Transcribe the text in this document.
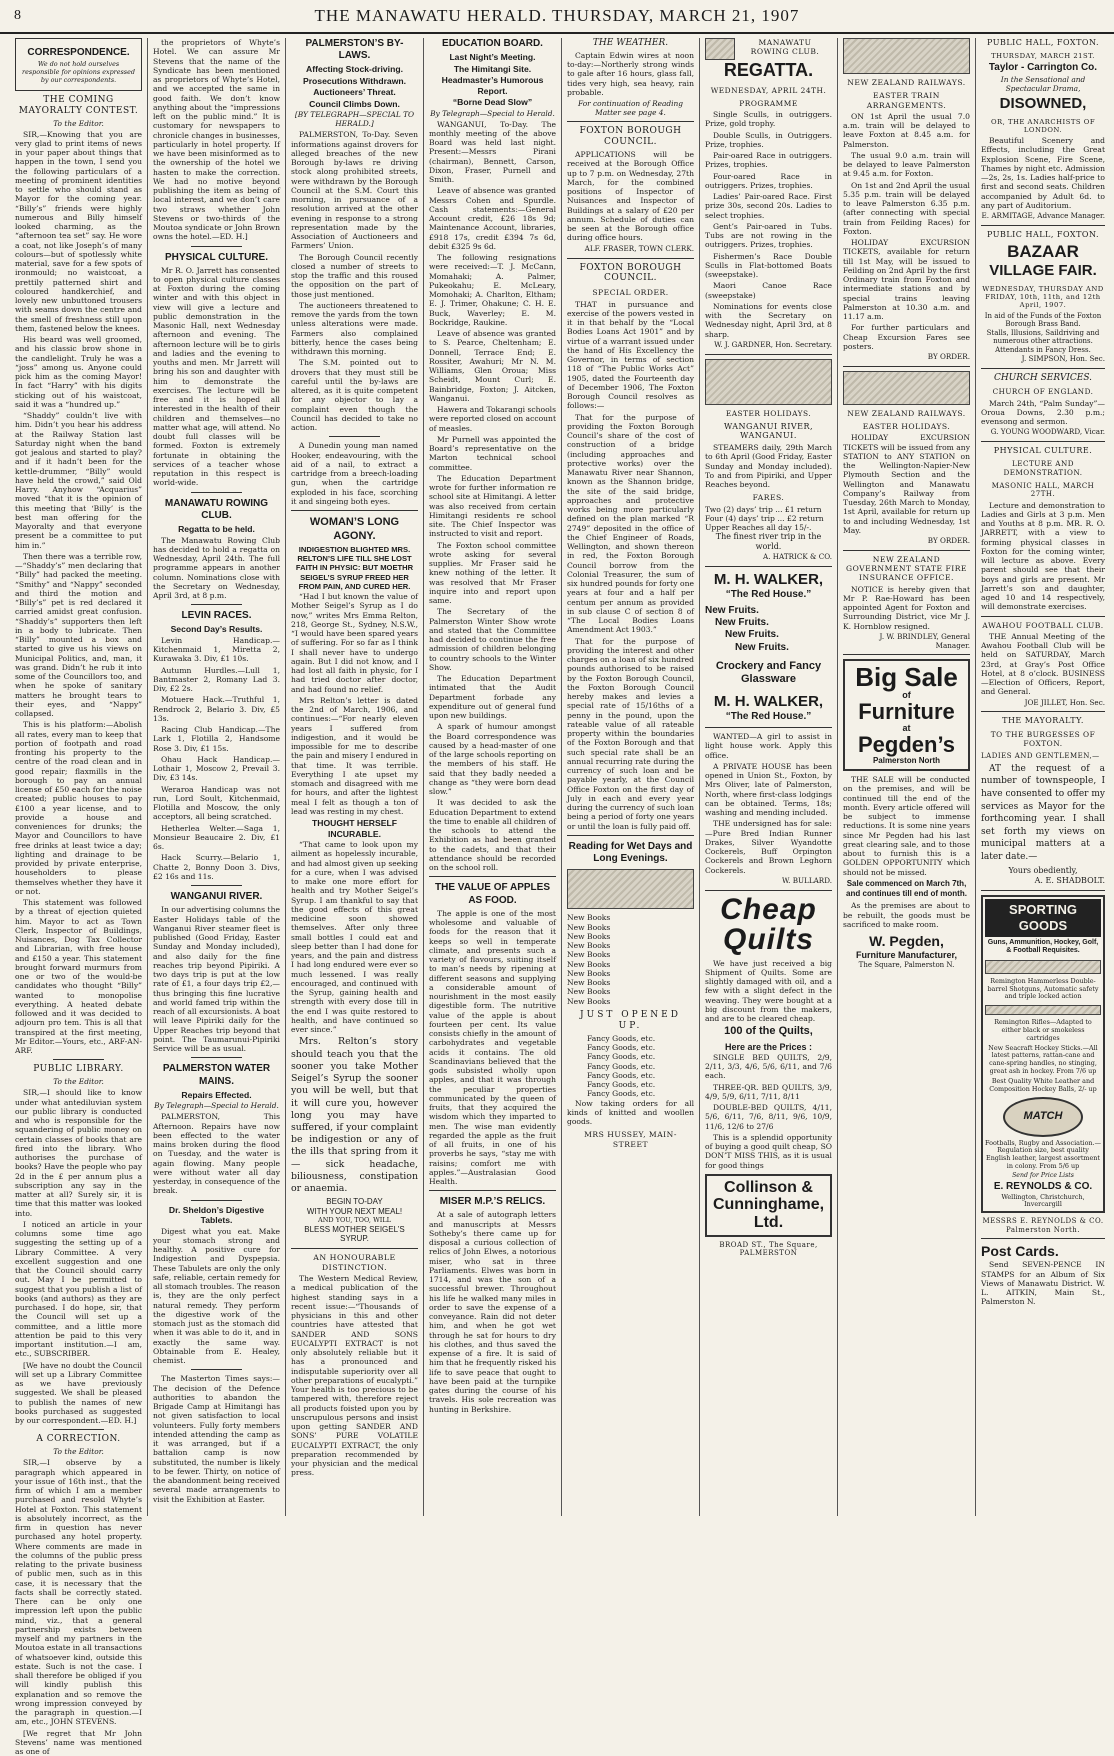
8	THE MANAWATU HERALD. THURSDAY, MARCH 21, 1907
CORRESPONDENCE.
We do not hold ourselves responsible for opinions expressed by our correspondents.
THE COMING MAYORALTY CONTEST.
To the Editor.

SIR,—Knowing that you are very glad to print items of news in your paper about things that happen in the town, I send you the following particulars of a meeting of prominent identities to settle who should stand as Mayor for the coming year. “Billy’s” friends were highly numerous and Billy himself looked charming, as the “afternoon tea set” say. He wore a coat, not like Joseph’s of many colours—but of spotlessly white material, save for a few spots of ironmould; no waistcoat, a prettily patterned shirt and coloured handkerchief, and lovely new unbuttoned trousers with seams down the centre and the smell of freshness still upon them, fastened below the knees.

His beard was well groomed, and his classic brow shone in the candlelight. Truly he was a “joss” among us. Anyone could pick him as the coming Mayor! In fact “Harry” with his digits sticking out of his waistcoat, said it was a “hundred up.”

“Shaddy” couldn’t live with him. Didn’t you hear his address at the Railway Station last Saturday night when the band got jealous and started to play? and if it hadn’t been for the kettle-drummer, “Billy” would have held the crowd,” said Old Harry. Anyhow “Acquarius” moved “that it is the opinion of this meeting that ‘Billy’ is the best man offering for the Mayoralty and that everyone present be a committee to put him in.”

Then there was a terrible row,—“Shaddy’s” men declaring that “Billy” had packed the meeting. “Smithy” and “Nappy” seconded and third the motion and “Billy’s” pet is red declared it carried amidst great confusion. “Shaddy’s” supporters then left in a body to lubricate. Then “Billy” mounted a box and started to give us his views on Municipal Politics, and, man, it was grand. Didn’t he rub it into some of the Councillors too, and when he spoke of sanitary matters he brought tears to their eyes, and “Nappy” collapsed.

This is his platform:—Abolish all rates, every man to keep that portion of footpath and road fronting his property to the centre of the road clean and in good repair; flaxmills in the borough to pay an annual license of £50 each for the noise created; public houses to pay £100 a year license, and to provide a house and conveniences for drunks; the Mayor and Councillors to have free drinks at least twice a day; lighting and drainage to be provided by private enterprise, householders to please themselves whether they have it or not.

This statement was followed by a threat of ejection quieted him. Mayor to act as Town Clerk, Inspector of Buildings, Nuisances, Dog Tax Collector and Librarian, with free house and £150 a year. This statement brought forward murmurs from one or two of the would-be candidates who thought “Billy” wanted to monopolise everything. A heated debate followed and it was decided to adjourn pro tem. This is all that transpired at the first meeting, Mr Editor.—Yours, etc., ARF-AN-ARF.

PUBLIC LIBRARY.
To the Editor.

SIR,—I should like to know under what antediluvian system our public library is conducted and who is responsible for the squandering of public money on certain classes of books that are fired into the library. Who authorises the purchase of books? Have the people who pay 2d in the £ per annum plus a subscription any say in the matter at all? Surely sir, it is time that this matter was looked into.

I noticed an article in your columns some time ago suggesting the setting up of a Library Committee. A very excellent suggestion and one that the Council should carry out. May I be permitted to suggest that you publish a list of books (and authors) as they are purchased. I do hope, sir, that the Council will set up a committee, and a little more attention be paid to this very important institution.—I am, etc., SUBSCRIBER.

[We have no doubt the Council will set up a Library Committee as we have previously suggested. We shall be pleased to publish the names of new books purchased as suggested by our correspondent.—ED. H.]

A CORRECTION.
To the Editor.

SIR,—I observe by a paragraph which appeared in your issue of 16th inst., that the firm of which I am a member purchased and resold Whyte’s Hotel at Foxton. This statement is absolutely incorrect, as the firm in question has never purchased any hotel property. Where comments are made in the columns of the public press relating to the private business of public men, such as in this case, it is necessary that the facts shall be correctly stated. There can be only one impression left upon the public mind, viz., that a general partnership exists between myself and my partners in the Moutoa estate in all transactions of whatsoever kind, outside this estate. Such is not the case. I shall therefore be obliged if you will kindly publish this explanation and so remove the wrong impression conveyed by the paragraph in question.—I am, etc., JOHN STEVENS.

[We regret that Mr John Stevens’ name was mentioned as one of

the proprietors of Whyte’s Hotel. We can assure Mr Stevens that the name of the Syndicate has been mentioned as proprietors of Whyte’s Hotel, and we accepted the same in good faith. We don’t know anything about the “impressions left on the public mind.” It is customary for newspapers to chronicle changes in businesses, particularly in hotel property. If we have been misinformed as to the ownership of the hotel we hasten to make the correction. We had no motive beyond publishing the item as being of local interest, and we don’t care two straws whether John Stevens or two-thirds of the Moutoa syndicate or John Brown owns the hotel.—ED. H.]

PHYSICAL CULTURE.

Mr R. O. Jarrett has consented to open physical culture classes at Foxton during the coming winter and with this object in view will give a lecture and public demonstration in the Masonic Hall, next Wednesday afternoon and evening. The afternoon lecture will be to girls and ladies and the evening to youths and men. Mr Jarrett will bring his son and daughter with him to demonstrate the exercises. The lecture will be free and it is hoped all interested in the health of their children and themselves—no matter what age, will attend. No doubt full classes will be formed. Foxton is extremely fortunate in obtaining the services of a teacher whose reputation in this respect is world-wide.

MANAWATU ROWING CLUB.
Regatta to be held.

The Manawatu Rowing Club has decided to hold a regatta on Wednesday, April 24th. The full programme appears in another column. Nominations close with the Secretary on Wednesday, April 3rd, at 8 p.m.

LEVIN RACES.
Second Day’s Results.

Levin Handicap.—Kitchenmaid 1, Miretta 2, Kurawaka 3. Div, £1 10s.

Autumn Hurdles.—Lull 1, Bantmaster 2, Romany Lad 3. Div, £2 2s.

Motuere Hack.—Truthful 1, Rendrock 2, Belario 3. Div, £5 13s.

Racing Club Handicap.—The Lark 1, Flotilla 2, Handsome Rose 3. Div, £1 15s.

Ohau Hack Handicap.—Lothair 1, Moscow 2, Prevail 3. Div, £3 14s.

Weraroa Handicap was not run, Lord Soult, Kitchenmaid, Flotilla and Moscow, the only acceptors, all being scratched.

Hetherlea Welter.—Saga 1, Monsieur Beaucaire 2. Div, £1 6s.

Hack Scurry.—Belario 1, Chatte 2, Bonny Doon 3. Divs, £2 16s and 11s.

WANGANUI RIVER.

In our advertising columns the Easter Holidays table of the Wanganui River steamer fleet is published (Good Friday, Easter Sunday and Monday included), and also daily for the fine reaches trip beyond Pipiriki. A two days trip is put at the low rate of £1, a four days trip £2,—thus bringing this fine lucrative and world famed trip within the reach of all excursionists. A boat will leave Pipiriki daily for the Upper Reaches trip beyond that point. The Taumarunui-Pipiriki Service will be as usual.

PALMERSTON WATER MAINS.
Repairs Effected.
By Telegraph—Special to Herald.

PALMERSTON, This Afternoon. Repairs have now been effected to the water mains broken during the flood on Tuesday, and the water is again flowing. Many people were without water all day yesterday, in consequence of the break.

Dr. Sheldon’s Digestive Tablets.

Digest what you eat. Make your stomach strong and healthy. A positive cure for Indigestion and Dyspepsia. These Tabulets are only the only safe, reliable, certain remedy for all stomach troubles. The reason is, they are the only perfect natural remedy. They perform the digestive work of the stomach just as the stomach did when it was able to do it, and in exactly the same way. Obtainable from E. Healey, chemist.

The Masterton Times says:—The decision of the Defence authorities to abandon the Brigade Camp at Himitangi has not given satisfaction to local volunteers. Fully forty members intended attending the camp as it was arranged, but if a battalion camp is now substituted, the number is likely to be fewer. Thirty, on notice of the abandonment being received several made arrangements to visit the Exhibition at Easter.

PALMERSTON’S BY-LAWS.
Affecting Stock-driving.
Prosecutions Withdrawn.
Auctioneers’ Threat.
Council Climbs Down.
[BY TELEGRAPH—SPECIAL TO HERALD.]

PALMERSTON, To-Day. Seven informations against drovers for alleged breaches of the new Borough by-laws re driving stock along prohibited streets, were withdrawn by the Borough Council at the S.M. Court this morning, in pursuance of a resolution arrived at the other evening in response to a strong representation made by the Association of Auctioneers and Farmers’ Union.

The Borough Council recently closed a number of streets to stop the traffic and this roused the opposition on the part of those just mentioned.

The auctioneers threatened to remove the yards from the town unless alterations were made. Farmers also complained bitterly, hence the cases being withdrawn this morning.

The S.M. pointed out to drovers that they must still be careful until the by-laws are altered, as it is quite competent for any objector to lay a complaint even though the Council has decided to take no action.

A Dunedin young man named Hooker, endeavouring, with the aid of a nail, to extract a cartridge from a breech-loading gun, when the cartridge exploded in his face, scorching it and singeing both eyes.

WOMAN’S LONG AGONY.
INDIGESTION BLIGHTED MRS. RELTON’S LIFE TILL SHE LOST FAITH IN PHYSIC: BUT MOETHR SEIGEL’S SYRUP FREED HER FROM PAIN, AND CURED HER.

“Had I but known the value of Mother Seigel’s Syrup as I do now,” writes Mrs Emma Relton, 218, George St., Sydney, N.S.W., “I would have been spared years of suffering. For so far as I think I shall never have to undergo again. But I did not know, and I had lost all faith in physic, for I had tried doctor after doctor, and had found no relief.

Mrs Relton’s letter is dated the 2nd of March, 1906, and continues:—“For nearly eleven years I suffered from indigestion, and it would be impossible for me to describe the pain and misery I endured in that time. It was terrible. Everything I ate upset my stomach and disagreed with me for hours, and after the lightest meal I felt as though a ton of lead was resting in my chest.

THOUGHT HERSELF INCURABLE.

“That came to look upon my ailment as hopelessly incurable, and had almost given up seeking for a cure, when I was advised to make one more effort for health and try Mother Seigel’s Syrup. I am thankful to say that the good effects of this great medicine soon showed themselves. After only three small bottles I could eat and sleep better than I had done for years, and the pain and distress I had long endured were ever so much lessened. I was really encouraged, and continued with the Syrup, gaining health and strength with every dose till in the end I was quite restored to health, and have continued so ever since.”

Mrs. Relton’s story should teach you that the sooner you take Mother Seigel’s Syrup the sooner you will be well, but that it will cure you, however long you may have suffered, if your complaint be indigestion or any of the ills that spring from it — sick headache, biliousness, constipation or anaemia.

BEGIN TO-DAY
WITH YOUR NEXT MEAL!
AND YOU, TOO, WILL
BLESS MOTHER SEIGEL’S SYRUP.
AN HONOURABLE DISTINCTION.

The Western Medical Review, a medical publication of the highest standing says in a recent issue:—“Thousands of physicians in this and other countries have attested that SANDER AND SONS EUCALYPTI EXTRACT is not only absolutely reliable but it has a pronounced and indisputable superiority over all other preparations of eucalypti.” Your health is too precious to be tampered with, therefore reject all products foisted upon you by unscrupulous persons and insist upon getting SANDER AND SONS’ PURE VOLATILE EUCALYPTI EXTRACT, the only preparation recommended by your physician and the medical press.

EDUCATION BOARD.
Last Night’s Meeting.
The Himitangi Site.
Headmaster’s Humorous Report.
“Borne Dead Slow”
By Telegraph—Special to Herald.

WANGANUI, To-Day. The monthly meeting of the above Board was held last night. Present:—Messrs Pirani (chairman), Bennett, Carson, Dixon, Fraser, Purnell and Smith.

Leave of absence was granted Messrs Cohen and Spurdle. Cash statements:—General Account credit, £26 18s 9d; Maintenance Account, libraries, £918 17s, credit £394 7s 6d, debit £325 9s 6d.

The following resignations were received:—T. J. McCann, Momahaki; A. Palmer, Pukeokahu; E. McLeary, Momohaki; A. Charlton, Eltham; E. J. Trimer, Ohakune; C. H. E. Buck, Waverley; E. M. Bockridge, Raukine.

Leave of absence was granted to S. Pearce, Cheltenham; E. Donnell, Terrace End; E. Rossiter, Awahuri; Mr N. M. Williams, Glen Oroua; Miss Scheidt, Mount Curl; E. Bainbridge, Foxton; J. Aitcken, Wanganui.

Hawera and Tokarangi schools were reported closed on account of measles.

Mr Purnell was appointed the Board’s representative on the Marton technical school committee.

The Education Department wrote for further information re school site at Himitangi. A letter was also received from certain Himitangi residents re school site. The Chief Inspector was instructed to visit and report.

The Foxton school committee wrote asking for several supplies. Mr Fraser said he knew nothing of the letter. It was resolved that Mr Fraser inquire into and report upon same.

The Secretary of the Palmerston Winter Show wrote and stated that the Committee had decided to continue the free admission of children belonging to country schools to the Winter Show.

The Education Department intimated that the Audit Department forbade any expenditure out of general fund upon new buildings.

A spark of humour amongst the Board correspondence was caused by a head-master of one of the large schools reporting on the members of his staff. He said that they badly needed a change as “they were born dead slow.”

It was decided to ask the Education Department to extend the time to enable all children of the schools to attend the Exhibition as had been granted to the cadets, and that their attendance should be recorded on the school roll.

THE VALUE OF APPLES AS FOOD.

The apple is one of the most wholesome and valuable of foods for the reason that it keeps so well in temperate climate, and presents such a variety of flavours, suiting itself to man’s needs by ripening at different seasons and supplying a considerable amount of nourishment in the most easily digestible form. The nutritive value of the apple is about fourteen per cent. Its value consists chiefly in the amount of carbohydrates and vegetable acids it contains. The old Scandinavians believed that the gods subsisted wholly upon apples, and that it was through the peculiar properties communicated by the queen of fruits, that they acquired the wisdom which they imparted to men. The wise man evidently regarded the apple as the fruit of all fruits, in one of his proverbs he says, “stay me with raisins; comfort me with apples.”—Australasian Good Health.

MISER M.P.’S RELICS.

At a sale of autograph letters and manuscripts at Messrs Sotheby’s there came up for disposal a curious collection of relics of John Elwes, a notorious miser, who sat in three Parliaments. Elwes was born in 1714, and was the son of a successful brewer. Throughout his life he walked many miles in order to save the expense of a conveyance. Rain did not deter him, and when he got wet through he sat for hours to dry his clothes, and thus saved the expense of a fire. It is said of him that he frequently risked his life to save peace that ought to have been paid at the turnpike gates during the course of his travels. His sole recreation was hunting in Berkshire.

THE WEATHER.

Captain Edwin wires at noon to-day:—Northerly strong winds to gale after 16 hours, glass fall, tides very high, sea heavy, rain probable.

For continuation of Reading Matter see page 4.
FOXTON BOROUGH COUNCIL.

APPLICATIONS will be received at the Borough Office up to 7 p.m. on Wednesday, 27th March, for the combined positions of Inspector of Nuisances and Inspector of Buildings at a salary of £20 per annum. Schedule of duties can be seen at the Borough office during office hours.

ALF. FRASER, TOWN CLERK.
FOXTON BOROUGH COUNCIL.
SPECIAL ORDER.

THAT in pursuance and exercise of the powers vested in it in that behalf by the “Local Bodies Loans Act 1901” and by virtue of a warrant issued under the hand of His Excellency the Governor, in terms of section 118 of “The Public Works Act” 1905, dated the Fourteenth day of December 1906, The Foxton Borough Council resolves as follows:—

That for the purpose of providing the Foxton Borough Council’s share of the cost of construction of a bridge (including approaches and protective works) over the Manawatu River near Shannon, known as the Shannon bridge, the site of the said bridge, approaches and protective works being more particularly defined on the plan marked “R 2749” deposited in the office of the Chief Engineer of Roads, Wellington, and shown thereon in red, the Foxton Borough Council borrow from the Colonial Treasurer, the sum of six hundred pounds for forty one years at four and a half per centum per annum as provided in sub clause C of section 8 of “The Local Bodies Loans Amendment Act 1903.”

That for the purpose of providing the interest and other charges on a loan of six hundred pounds authorised to be raised by the Foxton Borough Council, the Foxton Borough Council hereby makes and levies a special rate of 15/16ths of a penny in the pound, upon the rateable value of all rateable property within the boundaries of the Foxton Borough and that such special rate shall be an annual recurring rate during the currency of such loan and be payable yearly, at the Council Office Foxton on the first day of July in each and every year during the currency of such loan being a period of forty one years or until the loan is fully paid off.

Reading for Wet Days and Long Evenings.
New Books
New Books
New Books
New Books
New Books
New Books
New Books
New Books
New Books
New Books
JUST OPENED UP.
Fancy Goods, etc.
Fancy Goods, etc.
Fancy Goods, etc.
Fancy Goods, etc.
Fancy Goods, etc.
Fancy Goods, etc.
Fancy Goods, etc.

Now taking orders for all kinds of knitted and woollen goods.

MRS HUSSEY, MAIN-STREET
MANAWATU ROWING CLUB.
REGATTA.
WEDNESDAY, APRIL 24TH.
PROGRAMME

Single Sculls, in outriggers. Prize, gold trophy.

Double Sculls, in Outriggers. Prize, trophies.

Pair-oared Race in outriggers. Prizes, trophies.

Four-oared Race in outriggers. Prizes, trophies.

Ladies’ Pair-oared Race. First prize 30s, second 20s. Ladies to select trophies.

Gent’s Pair-oared in Tubs. Tubs are not rowing in the outriggers. Prizes, trophies.

Fishermen’s Race Double Sculls in Flat-bottomed Boats (sweepstake).

Maori Canoe Race (sweepstake)

Nominations for events close with the Secretary on Wednesday night, April 3rd, at 8 sharp.

W. J. GARDNER, Hon. Secretary.
EASTER HOLIDAYS.
WANGANUI RIVER, WANGANUI.

STEAMERS daily, 29th March to 6th April (Good Friday, Easter Sunday and Monday included). To and from Pipiriki, and Upper Reaches beyond.

FARES.
Two (2) days’ trip ... £1 return
Four (4) days’ trip ... £2 return
Upper Reaches all day 15/-.
The finest river trip in the world.
A. HATRICK & CO.
M. H. WALKER,
“The Red House.”
New Fruits.
New Fruits.
New Fruits.
New Fruits.
Crockery and Fancy Glassware
M. H. WALKER,
“The Red House.”

WANTED—A girl to assist in light house work. Apply this office.

A PRIVATE HOUSE has been opened in Union St., Foxton, by Mrs Oliver, late of Palmerston, North, where first-class lodgings can be obtained. Terms, 18s; washing and mending included.

THE undersigned has for sale:—Pure Bred Indian Runner Drakes, Silver Wyandotte Cockerels, Buff Orpington Cockerels and Brown Leghorn Cockerels.

W. BULLARD.
Cheap
Quilts

We have just received a big Shipment of Quilts. Some are slightly damaged with oil, and a few with a slight defect in the weaving. They were bought at a big discount from the makers, and are to be cleared cheap.

100 of the Quilts,
Here are the Prices :

SINGLE BED QUILTS, 2/9, 2/11, 3/3, 4/6, 5/6, 6/11, and 7/6 each.

THREE-QR. BED QUILTS, 3/9, 4/9, 5/9, 6/11, 7/11, 8/11

DOUBLE-BED QUILTS, 4/11, 5/6, 6/11, 7/6, 8/11, 9/6, 10/9, 11/6, 12/6 to 27/6

This is a splendid opportunity of buying a good quilt cheap, SO DON’T MISS THIS, as it is usual for good things

Collinson & Cunninghame, Ltd.
BROAD ST., The Square, PALMERSTON
NEW ZEALAND RAILWAYS.
EASTER TRAIN ARRANGEMENTS.

ON 1st April the usual 7.0 a.m. train will be delayed to leave Foxton at 8.45 a.m. for Palmerston.

The usual 9.0 a.m. train will be delayed to leave Palmerston at 9.45 a.m. for Foxton.

On 1st and 2nd April the usual 5.35 p.m. train will be delayed to leave Palmerston 6.35 p.m. (after connecting with special train from Feilding Races) for Foxton.

HOLIDAY EXCURSION TICKETS, available for return till 1st May, will be issued to Feilding on 2nd April by the first Ordinary train from Foxton and intermediate stations and by special trains leaving Palmerston at 10.30 a.m. and 11.17 a.m.

For further particulars and Cheap Excursion Fares see posters.

BY ORDER.
NEW ZEALAND RAILWAYS.
EASTER HOLIDAYS.

HOLIDAY EXCURSION TICKETS will be issued from any STATION to ANY STATION on the Wellington-Napier-New Plymouth Section and the Wellington and Manawatu Company’s Railway from Tuesday, 26th March to Monday, 1st April, available for return up to and including Wednesday, 1st May.

BY ORDER.
NEW ZEALAND GOVERNMENT STATE FIRE INSURANCE OFFICE.

NOTICE is hereby given that Mr P. Rae-Howard has been appointed Agent for Foxton and Surrounding District, vice Mr J. K. Hornblow resigned.

J. W. BRINDLEY, General Manager.
Big Sale
of
Furniture
at
Pegden’s
Palmerston North

THE SALE will be conducted on the premises, and will be continued till the end of the month. Every article offered will be subject to immense reductions. It is some nine years since Mr Pegden had his last great clearing sale, and to those about to furnish this is a GOLDEN OPPORTUNITY which should not be missed.

Sale commenced on March 7th, and continues till end of month.

As the premises are about to be rebuilt, the goods must be sacrificed to make room.

W. Pegden,
Furniture Manufacturer,
The Square, Palmerston N.
PUBLIC HALL, FOXTON.
THURSDAY, MARCH 21ST.
Taylor - Carrington Co.
In the Sensational and Spectacular Drama,
DISOWNED,
OR, THE ANARCHISTS OF LONDON.

Beautiful Scenery and Effects, including the Great Explosion Scene, Fire Scene, Thames by night etc. Admission—2s, 2s, 1s. Ladies half-price to first and second seats. Children accompanied by Adult 6d. to any part of Auditorium.

E. ARMITAGE, Advance Manager.
PUBLIC HALL, FOXTON.
BAZAAR
VILLAGE FAIR.
WEDNESDAY, THURSDAY AND FRIDAY, 10th, 11th, and 12th April, 1907.
In aid of the Funds of the Foxton Borough Brass Band.
Stalls, Illusions, Saildriving and numerous other attractions.
Attendants in Fancy Dress.
J. SIMPSON, Hon. Sec.
CHURCH SERVICES.
CHURCH OF ENGLAND.

March 24th, “Palm Sunday”—Oroua Downs, 2.30 p.m.; evensong and sermon.

G. YOUNG WOODWARD, Vicar.
PHYSICAL CULTURE.
LECTURE AND DEMONSTRATION.
MASONIC HALL, MARCH 27TH.

Lecture and demonstration to Ladies and Girls at 3 p.m. Men and Youths at 8 p.m. MR. R. O. JARRETT, with a view to forming physical classes in Foxton for the coming winter, will lecture as above. Every parent should see that their boys and girls are present. Mr Jarrett’s son and daughter, aged 10 and 14 respectively, will demonstrate exercises.

AWAHOU FOOTBALL CLUB.

THE Annual Meeting of the Awahou Football Club will be held on SATURDAY, March 23rd, at Gray’s Post Office Hotel, at 8 o’clock. BUSINESS—Election of Officers, Report, and General.

JOE JILLET, Hon. Sec.
THE MAYORALTY.
TO THE BURGESSES OF FOXTON.
LADIES AND GENTLEMEN,—

AT the request of a number of townspeople, I have consented to offer my services as Mayor for the forthcoming year. I shall set forth my views on municipal matters at a later date.—

Yours obediently,
A. E. SHADBOLT.
SPORTING GOODS
Guns, Ammunition, Hockey, Golf, & Football Requisites.
Remington Hammerless Double-barrel Shotguns, Automatic safety and triple locked action
Remington Rifles—Adapted to either black or smokeless cartridges
New Seacraft Hockey Sticks.—All latest patterns, rattan-cane and cane-spring handles, no stinging, great ash in hockey. From 7/6 up
Best Quality White Leather and Composition Hockey Balls, 2/- up
MATCH
Footballs, Rugby and Association.—Regulation size, best quality English leather, largest assortment in colony. From 5/6 up
Send for Price Lists
E. REYNOLDS & CO.
Wellington, Christchurch, Invercargill
MESSRS E. REYNOLDS & CO. Palmerston North.
Post Cards.

Send SEVEN-PENCE IN STAMPS for an Album of Six Views of Manawatu District. W. L. AITKIN, Main St., Palmerston N.
